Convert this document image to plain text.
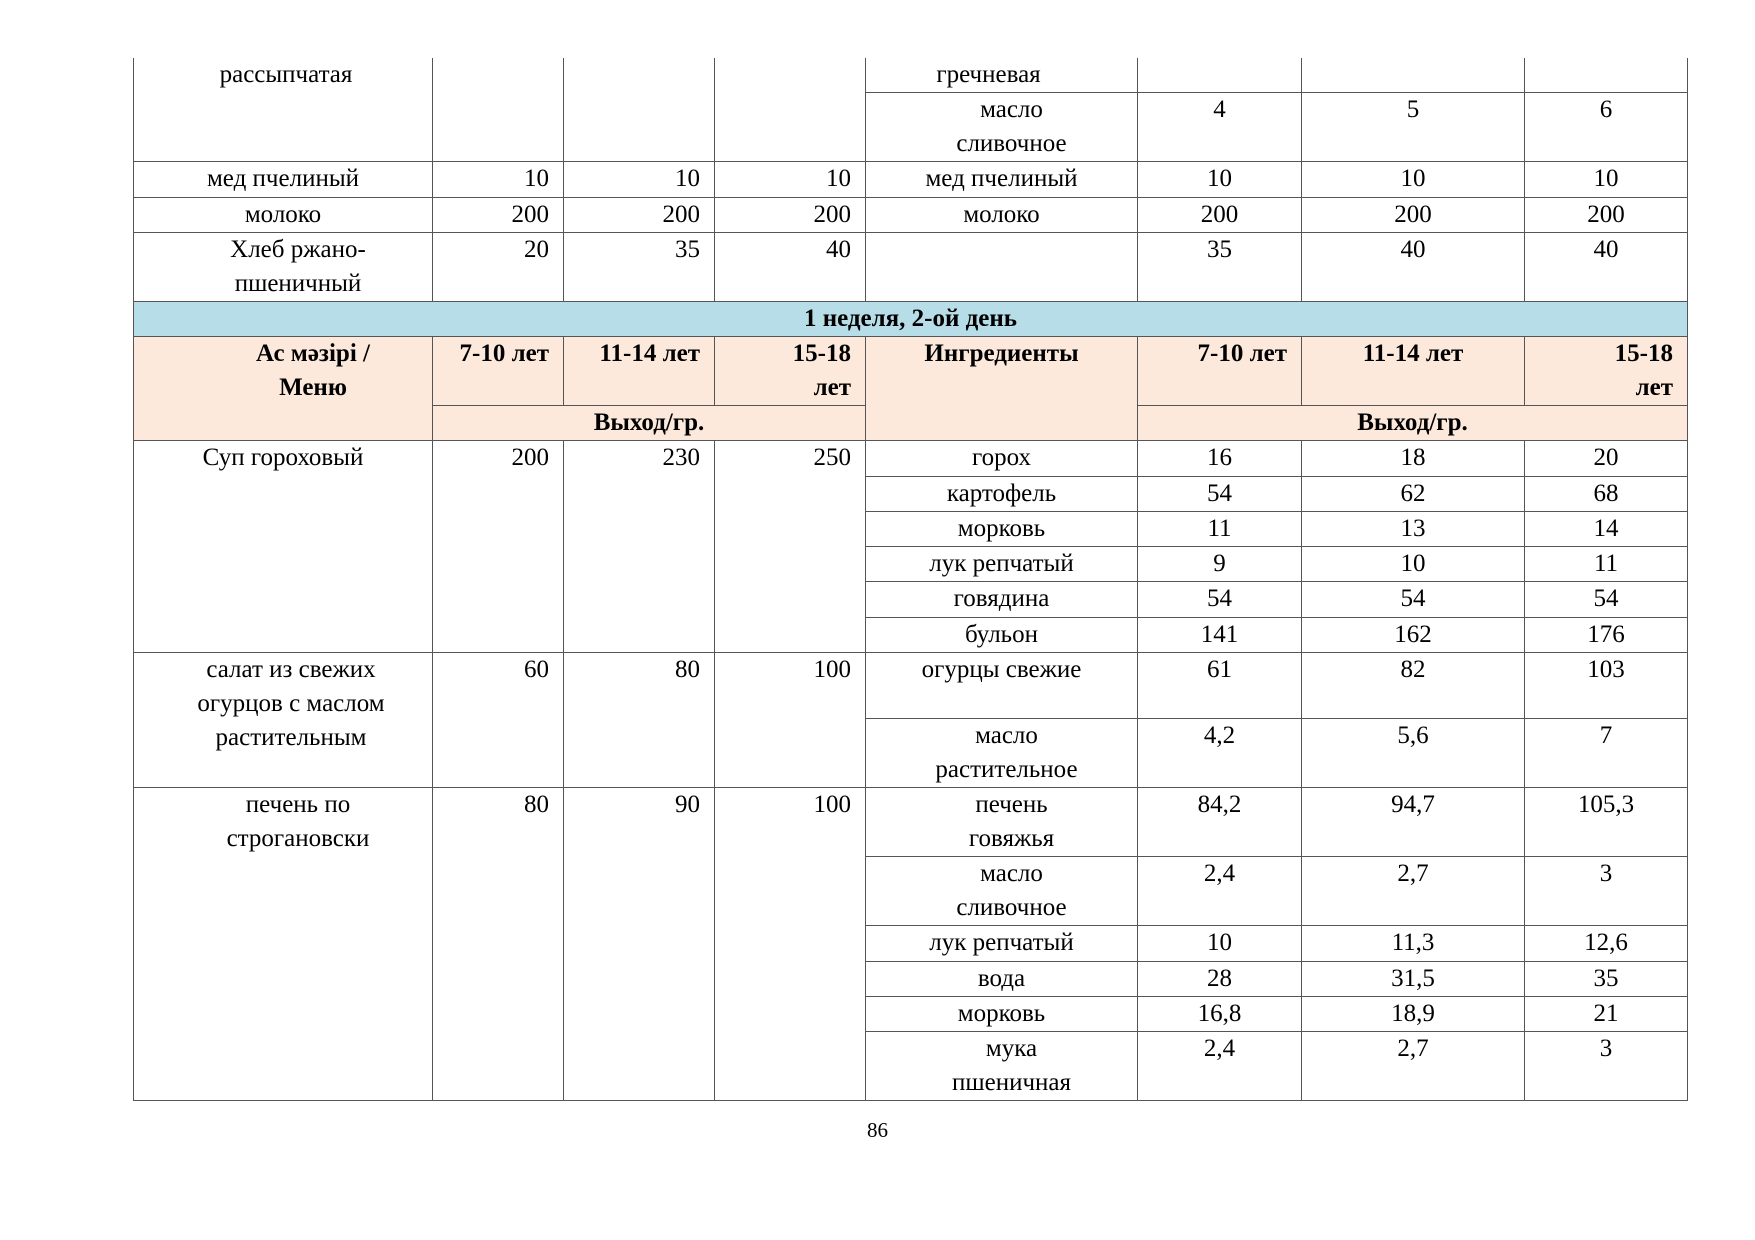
рассыпчатая				гречневая			
				масло сливочное	4	5	6
мед пчелиный	10	10	10	мед пчелиный	10	10	10
молоко	200	200	200	молоко	200	200	200
Хлеб ржано-пшеничный	20	35	40		35	40	40
1 неделя, 2-ой день							
Ас мәзірі / Меню	7-10 лет	11-14 лет	15-18 лет	Ингредиенты	7-10 лет	11-14 лет	15-18 лет
	Выход/гр.				Выход/гр.		
Суп гороховый	200	230	250	горох	16	18	20
				картофель	54	62	68
				морковь	11	13	14
				лук репчатый	9	10	11
				говядина	54	54	54
				бульон	141	162	176
салат из свежих огурцов с маслом растительным	60	80	100	огурцы свежие	61	82	103
				масло растительное	4,2	5,6	7
печень по строгановски	80	90	100	печень говяжья	84,2	94,7	105,3
				масло сливочное	2,4	2,7	3
				лук репчатый	10	11,3	12,6
				вода	28	31,5	35
				морковь	16,8	18,9	21
				мука пшеничная	2,4	2,7	3
86
